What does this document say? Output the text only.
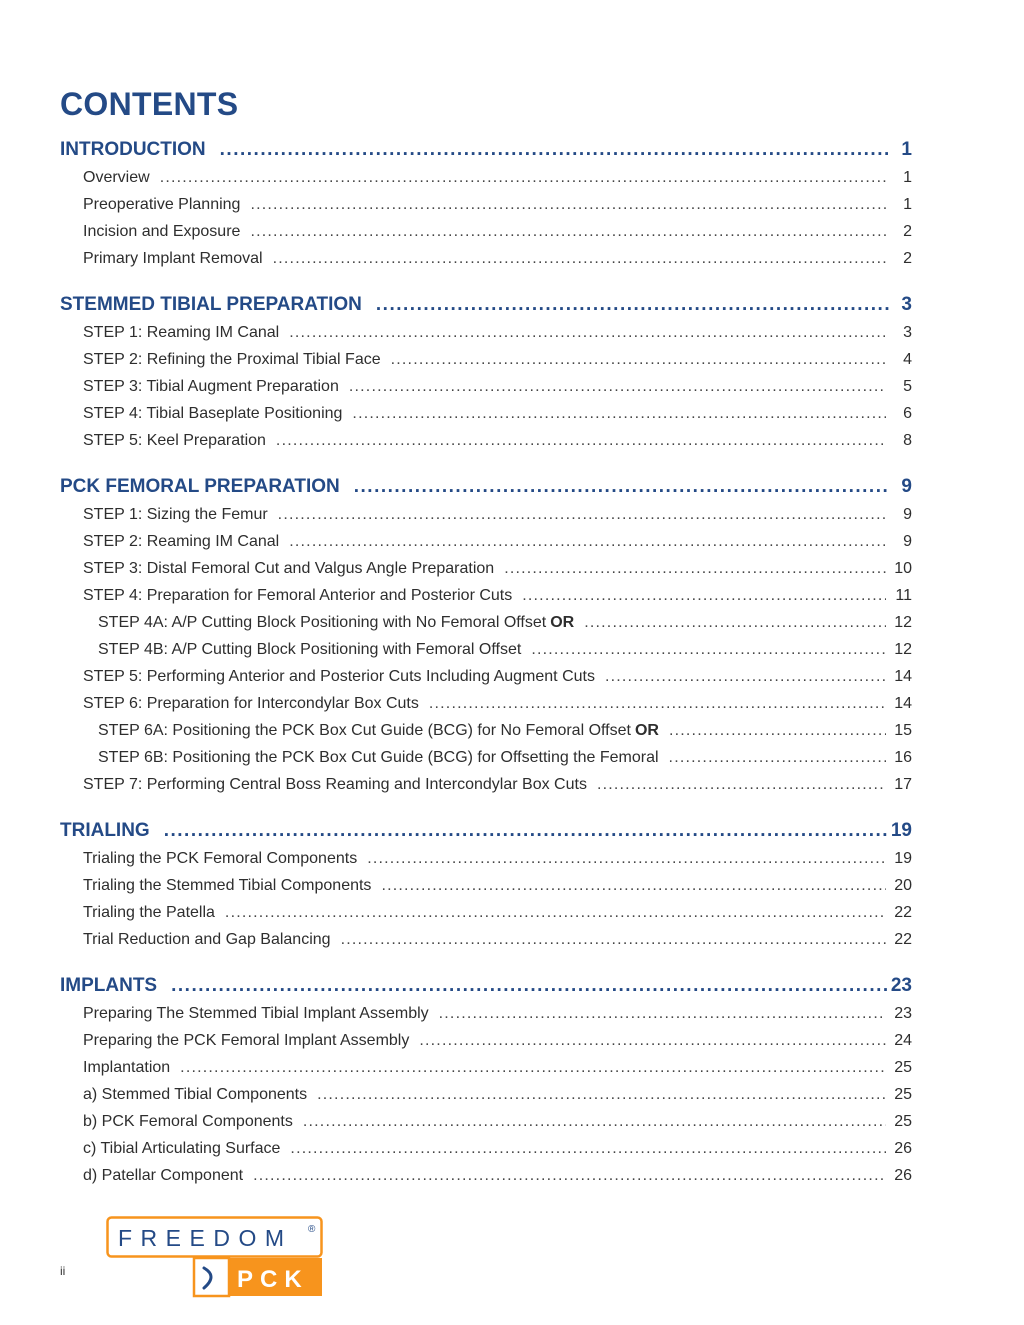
CONTENTS
INTRODUCTION .....	1
Overview .....	1
Preoperative Planning .....	1
Incision and Exposure .....	2
Primary Implant Removal .....	2
STEMMED TIBIAL PREPARATION .....	3
STEP 1: Reaming IM Canal .....	3
STEP 2: Refining the Proximal Tibial Face .....	4
STEP 3: Tibial Augment Preparation .....	5
STEP 4: Tibial Baseplate Positioning .....	6
STEP 5: Keel Preparation .....	8
PCK FEMORAL PREPARATION .....	9
STEP 1: Sizing the Femur .....	9
STEP 2: Reaming IM Canal .....	9
STEP 3: Distal Femoral Cut and Valgus Angle Preparation .....	10
STEP 4: Preparation for Femoral Anterior and Posterior Cuts .....	11
STEP 4A: A/P Cutting Block Positioning with No Femoral Offset OR .....	12
STEP 4B: A/P Cutting Block Positioning with Femoral Offset .....	12
STEP 5: Performing Anterior and Posterior Cuts Including Augment Cuts .....	14
STEP 6: Preparation for Intercondylar Box Cuts .....	14
STEP 6A: Positioning the PCK Box Cut Guide (BCG) for No Femoral Offset OR .....	15
STEP 6B: Positioning the PCK Box Cut Guide (BCG) for Offsetting the Femoral .....	16
STEP 7: Performing Central Boss Reaming and Intercondylar Box Cuts .....	17
TRIALING .....	19
Trialing the PCK Femoral Components .....	19
Trialing the Stemmed Tibial Components .....	20
Trialing the Patella .....	22
Trial Reduction and Gap Balancing .....	22
IMPLANTS .....	23
Preparing The Stemmed Tibial Implant Assembly .....	23
Preparing the PCK Femoral Implant Assembly .....	24
Implantation .....	25
a) Stemmed Tibial Components .....	25
b) PCK Femoral Components .....	25
c) Tibial Articulating Surface .....	26
d) Patellar Component .....	26
ii
FREEDOM ®
PCK
